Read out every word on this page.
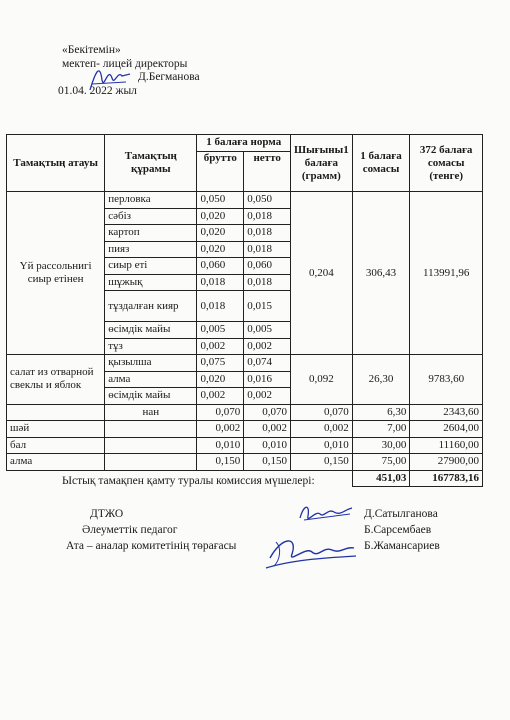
«Бекітемін»
мектеп- лицей директоры
Д.Бегманова
01.04. 2022 жыл
Тамақтың атауы	Тамақтың құрамы	1 балаға норма		Шығыны1 балаға (грамм)	1 балаға сомасы	372 балаға сомасы (тенге)
		брутто	нетто			
Үй рассольнигі сиыр етінен	перловка	0,050	0,050	0,204	306,43	113991,96
	сәбіз	0,020	0,018			
	картоп	0,020	0,018			
	пияз	0,020	0,018			
	сиыр еті	0,060	0,060			
	шұжық	0,018	0,018			
	тұздалған кияр	0,018	0,015			
	өсімдік майы	0,005	0,005			
	тұз	0,002	0,002			
салат из отварной свеклы и яблок	қызылша	0,075	0,074	0,092	26,30	9783,60
	алма	0,020	0,016			
	өсімдік майы	0,002	0,002			
	нан	0,070	0,070	0,070	6,30	2343,60
шәй		0,002	0,002	0,002	7,00	2604,00
бал		0,010	0,010	0,010	30,00	11160,00
алма		0,150	0,150	0,150	75,00	27900,00
					451,03	167783,16
Ыстық тамақпен қамту туралы комиссия мүшелері:
ДТЖО
Әлеуметтік педагог
Ата – аналар комитетінің төрағасы
Д.Сатылганова
Б.Сарсембаев
Б.Жамансариев
